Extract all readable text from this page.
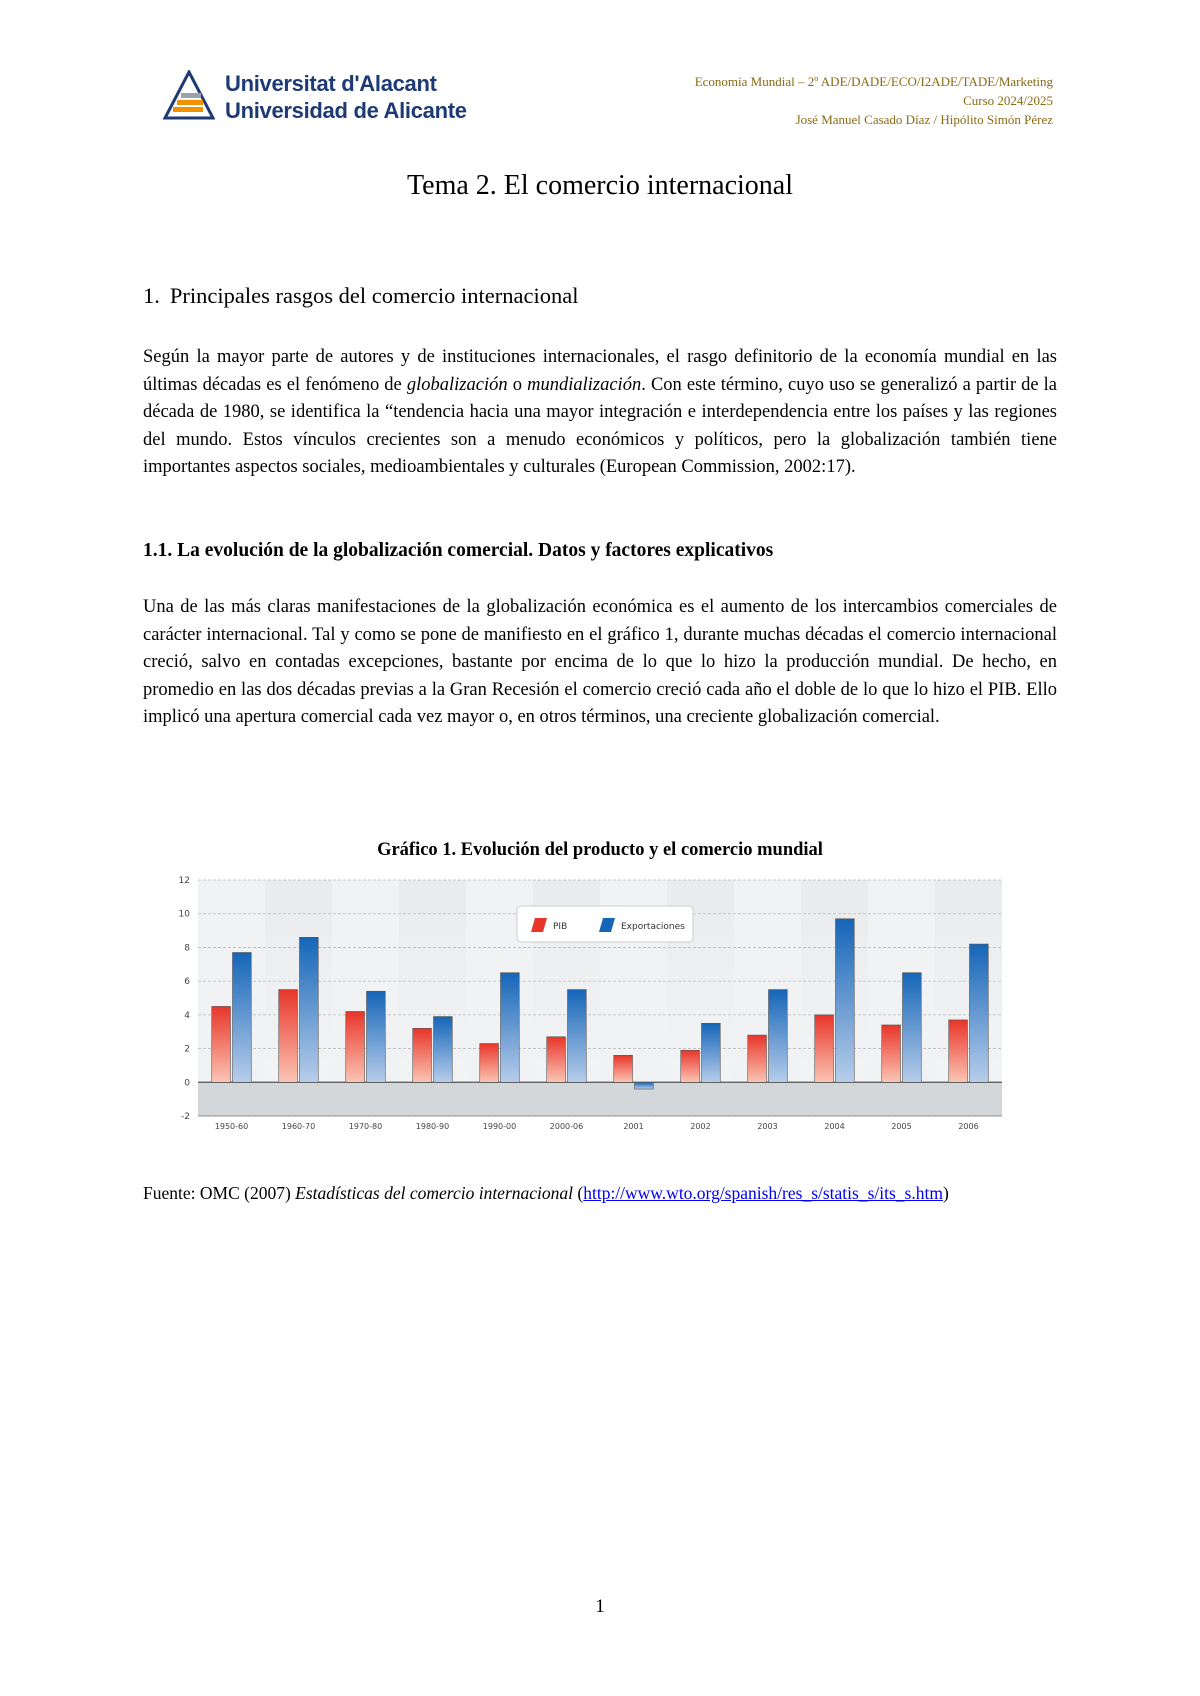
Universitat d'Alacant
Universidad de Alicante
Economía Mundial – 2º ADE/DADE/ECO/I2ADE/TADE/Marketing
Curso 2024/2025
José Manuel Casado Díaz / Hipólito Simón Pérez
Tema 2. El comercio internacional
1. Principales rasgos del comercio internacional
Según la mayor parte de autores y de instituciones internacionales, el rasgo definitorio de la economía mundial en las últimas décadas es el fenómeno de globalización o mundialización. Con este término, cuyo uso se generalizó a partir de la década de 1980, se identifica la “tendencia hacia una mayor integración e interdependencia entre los países y las regiones del mundo. Estos vínculos crecientes son a menudo económicos y políticos, pero la globalización también tiene importantes aspectos sociales, medioambientales y culturales (European Commission, 2002:17).
1.1. La evolución de la globalización comercial. Datos y factores explicativos
Una de las más claras manifestaciones de la globalización económica es el aumento de los intercambios comerciales de carácter internacional. Tal y como se pone de manifiesto en el gráfico 1, durante muchas décadas el comercio internacional creció, salvo en contadas excepciones, bastante por encima de lo que lo hizo la producción mundial. De hecho, en promedio en las dos décadas previas a la Gran Recesión el comercio creció cada año el doble de lo que lo hizo el PIB. Ello implicó una apertura comercial cada vez mayor o, en otros términos, una creciente globalización comercial.
Gráfico 1. Evolución del producto y el comercio mundial
-2
0
2
4
6
8
10
12
1950-60	1960-70	1970-80	1980-90	1990-00	2000-06	2001	2002	2003	2004	2005	2006
PIB	Exportaciones
Fuente: OMC (2007) Estadísticas del comercio internacional (http://www.wto.org/spanish/res_s/statis_s/its_s.htm)
1
